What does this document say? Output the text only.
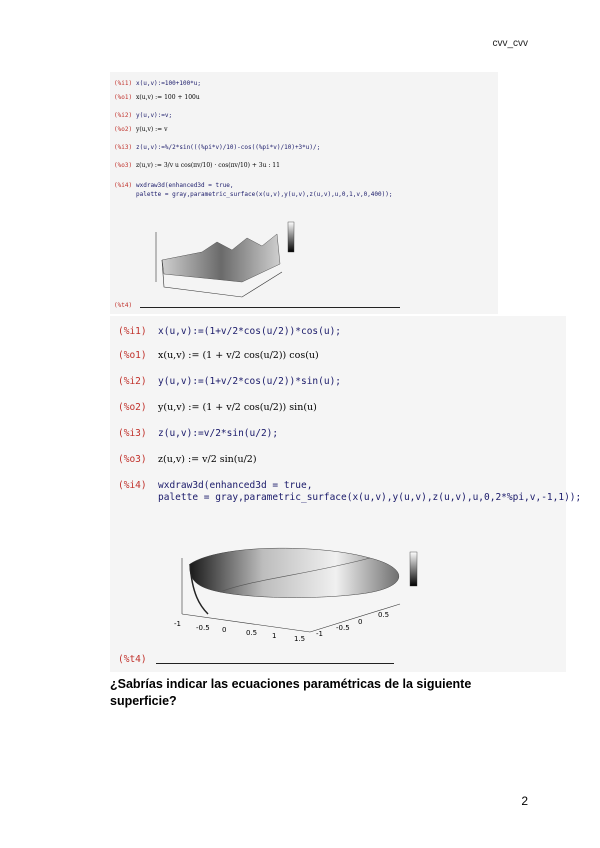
cvv_cvv
(%i1) x(u,v):=100+100*u;
(%o1) x(u,v) := 100 + 100u
(%i2) y(u,v):=v;
(%o2) y(u,v) := v
(%i3) z(u,v):=%/2*sin(((%pi*v)/10)-cos((%pi*v)/10)+3*u)/;
(%o3) z(u,v) := 3/v u cos(πv/10) · cos(πv/10) + 3u : 11
(%i4) wxdraw3d(enhanced3d = true,
palette = gray,parametric_surface(x(u,v),y(u,v),z(u,v),u,0,1,v,0,400));
(%t4)
(%i1) x(u,v):=(1+v/2*cos(u/2))*cos(u);
(%o1) x(u,v) := (1 + v/2 cos(u/2)) cos(u)
(%i2) y(u,v):=(1+v/2*cos(u/2))*sin(u);
(%o2) y(u,v) := (1 + v/2 cos(u/2)) sin(u)
(%i3) z(u,v):=v/2*sin(u/2);
(%o3) z(u,v) := v/2 sin(u/2)
(%i4) wxdraw3d(enhanced3d = true,
palette = gray,parametric_surface(x(u,v),y(u,v),z(u,v),u,0,2*%pi,v,-1,1));
-1 -0.5 0	0.5 1	1.5
-1
-0.5
0
0.5
(%t4)
¿Sabrías indicar las ecuaciones paramétricas de la siguiente superficie?
2
